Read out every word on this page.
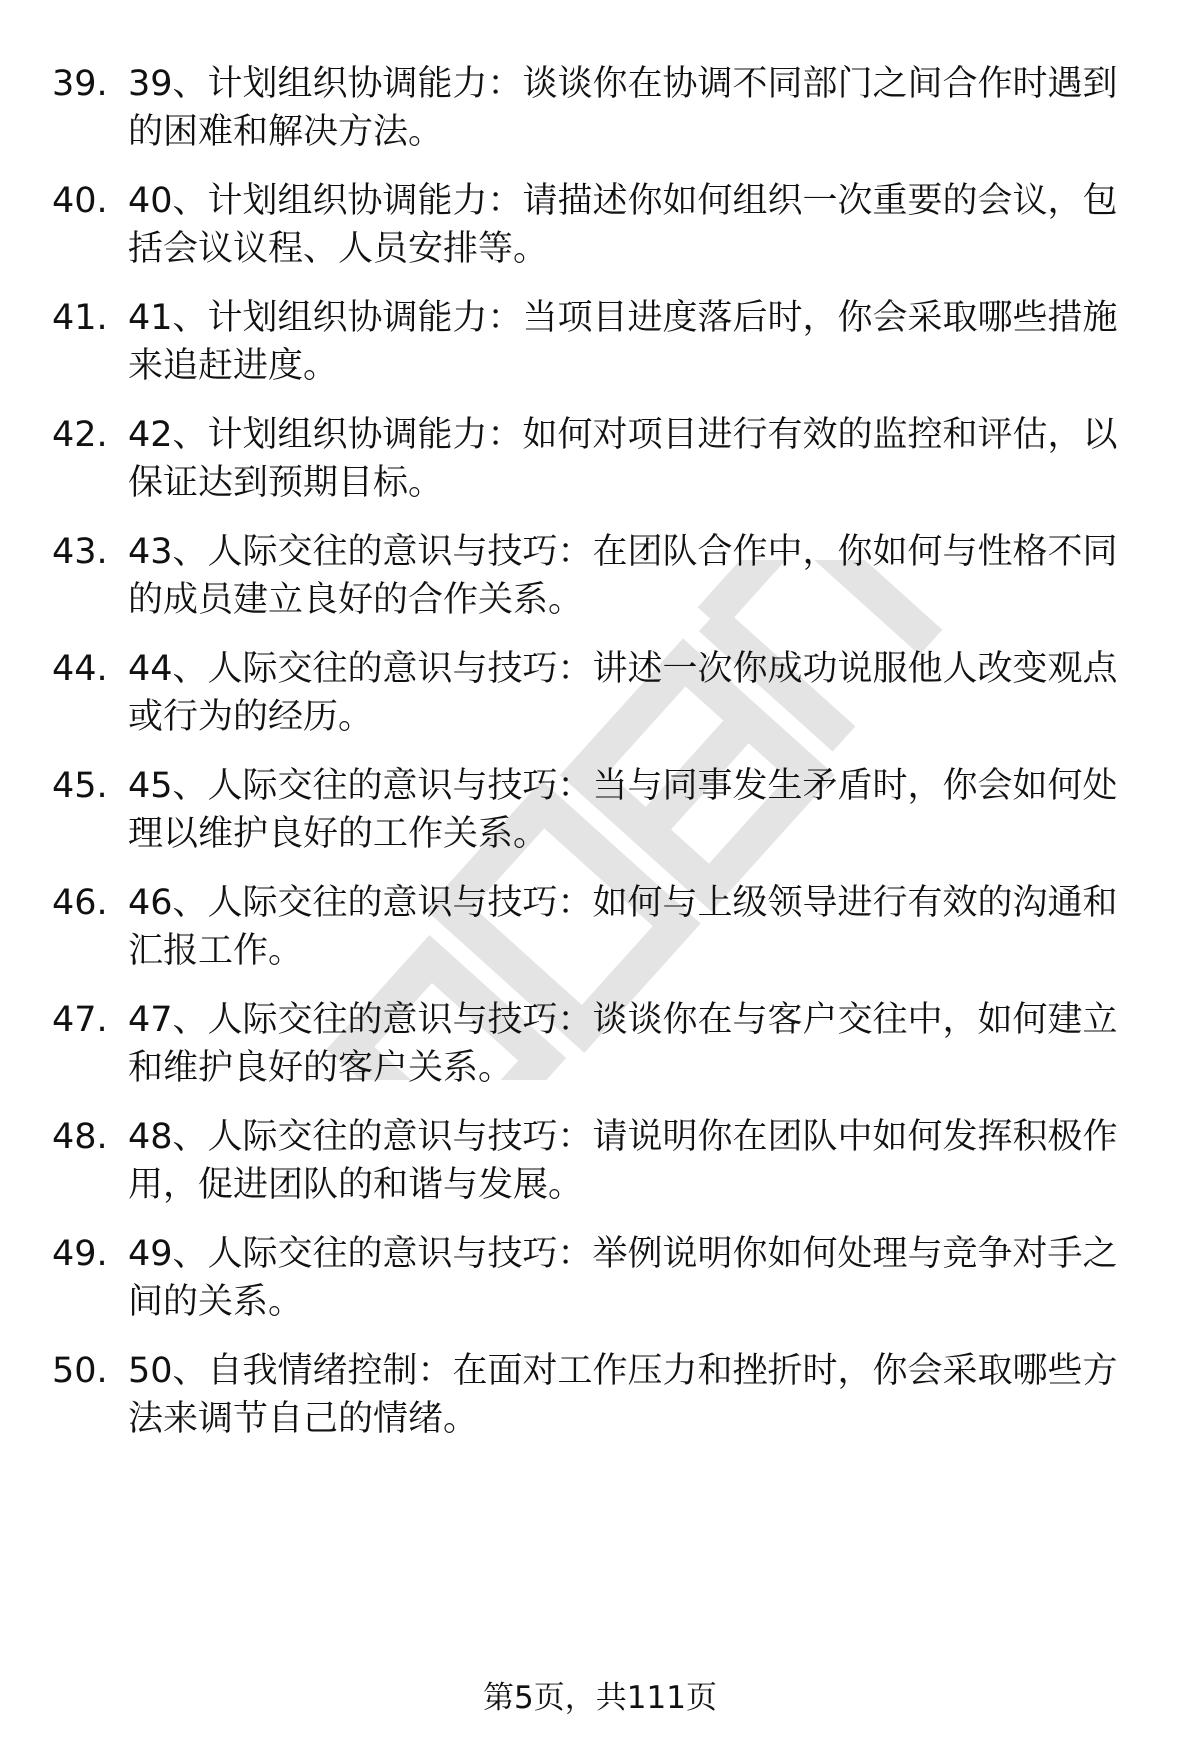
39. 39、计划组织协调能力：谈谈你在协调不同部门之间合作时遇到
的困难和解决方法。
40. 40、计划组织协调能力：请描述你如何组织一次重要的会议，包
括会议议程、人员安排等。
41. 41、计划组织协调能力：当项目进度落后时，你会采取哪些措施
来追赶进度。
42. 42、计划组织协调能力：如何对项目进行有效的监控和评估，以
保证达到预期目标。
43. 43、人际交往的意识与技巧：在团队合作中，你如何与性格不同
的成员建立良好的合作关系。
44. 44、人际交往的意识与技巧：讲述一次你成功说服他人改变观点
或行为的经历。
45. 45、人际交往的意识与技巧：当与同事发生矛盾时，你会如何处
理以维护良好的工作关系。
46. 46、人际交往的意识与技巧：如何与上级领导进行有效的沟通和
汇报工作。
47. 47、人际交往的意识与技巧：谈谈你在与客户交往中，如何建立
和维护良好的客户关系。
48. 48、人际交往的意识与技巧：请说明你在团队中如何发挥积极作
用，促进团队的和谐与发展。
49. 49、人际交往的意识与技巧：举例说明你如何处理与竞争对手之
间的关系。
50. 50、自我情绪控制：在面对工作压力和挫折时，你会采取哪些方
法来调节自己的情绪。
第5页，共111页
